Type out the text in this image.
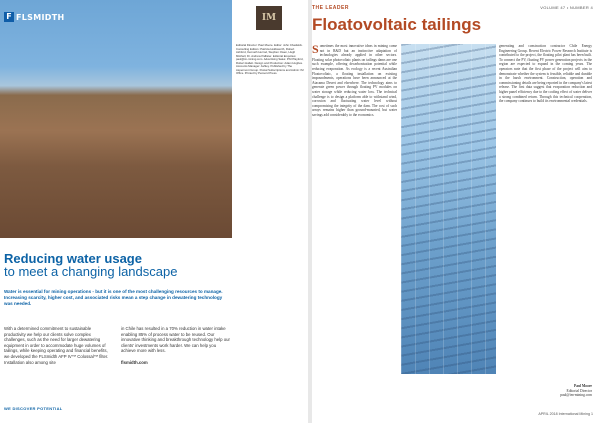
F FLSMIDTH
Reducing water usage
to meet a changing landscape
Water is essential for mining operations - but it is one of the most challenging resources to manage. Increasing scarcity, higher cost, and associated risks mean a step change in dewatering technology was needed.
With a determined commitment to sustainable productivity we help our clients solve complex challenges, such as the need for larger dewatering equipment in order to accommodate huge volumes of tailings, while keeping operating and financial benefits, we developed the FLSmidth AFP IV™ Colossal™ filter. Installation also among site
in Chile has resulted in a 70% reduction in water intake enabling 85% of process water to be reused. Our innovative thinking and breakthrough technology help our clients' investments work harder. We can help you achieve more with less.

flsmidth.com
WE DISCOVER POTENTIAL
IM
Editorial Director: Paul Moore. Editor: John Chadwick. Consulting Editors: Patricia Holdsworth, Robert Ashford, Kenneth Herrod, Stephen Owen, Hugh Mitchell, Dr. Andrew Pallister. Editorial Enquiries: paul@im-mining.com. Advertising Sales: Phil Playford, Robert Hallett. Design and Production: Adam Hughes. Accounts Manager: Ashley. Published by The Aspermont Group. Postal Subscriptions and Admin: IM Office. Printed by Pensord Press.
THE LEADER	VOLUME 47 • NUMBER 4
Floatovoltaic tailings
Sometimes the most innovative ideas in mining come not in R&D but an instinctive adaptation of technologies already applied in other sectors. Floating solar photovoltaic plants on tailings dams are one such example, offering decarbonisation potential while reducing evaporation. As ecology is a recent Australian Floatovoltaic, a floating installation on existing impoundments, operations have been announced at the Atacama Desert and elsewhere. The technology aims to generate green power through floating PV modules on water storage while reducing water loss. The technical challenge is to design a platform able to withstand wind, corrosion and fluctuating water level without compromising the integrity of the dam. The cost of such arrays remains higher than ground-mounted, but water savings add considerably to the economics.
generating and construction contractor Chile Energy Engineering Group. Recent Electric Power Research Institute is contributed to the project, the floating pilot plant has been built. To connect the PV, floating PV power generation projects in the region are expected to expand in the coming years. The operators note that the first phase of the project will aim to demonstrate whether the system is feasible, reliable and durable in the harsh environment. Construction, operation and commissioning details are being reported in the company's latest release. The first data suggest that evaporation reduction and higher panel efficiency due to the cooling effect of water deliver a strong combined return. Through this technical cooperation, the company continues to build its environmental credentials.
Paul Moore
Editorial Director
paul@im-mining.com
APRIL 2018 International Mining 1
